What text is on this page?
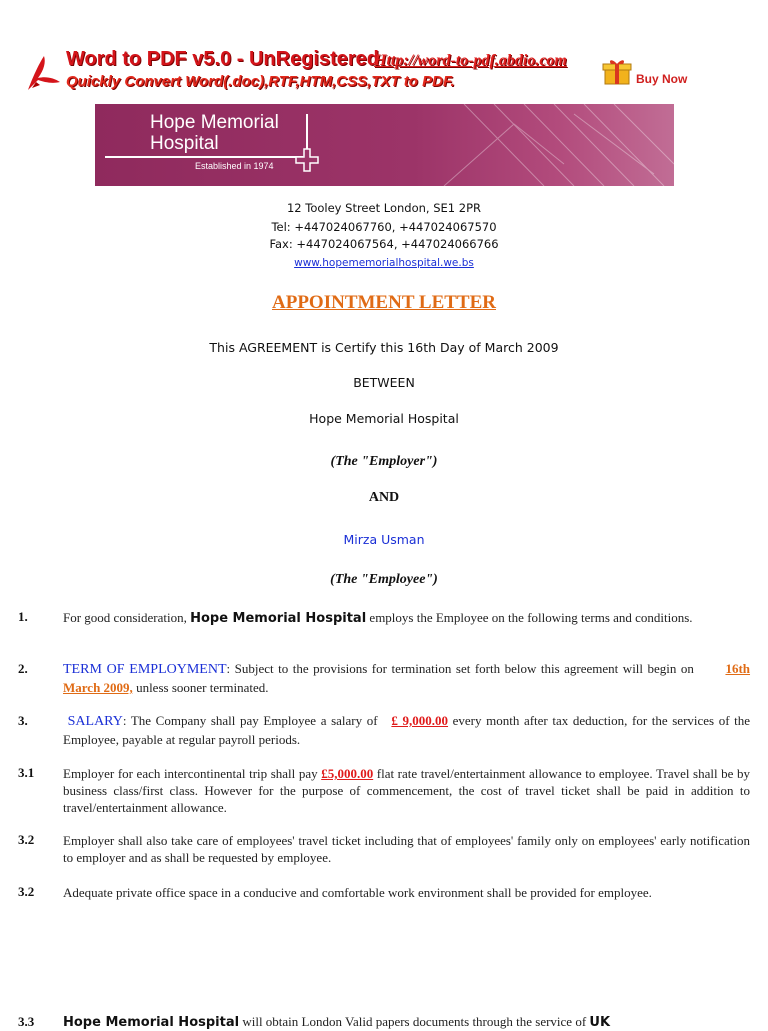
Word to PDF v5.0 - UnRegistered
Http://word-to-pdf.abdio.com
Quickly Convert Word(.doc),RTF,HTM,CSS,TXT to PDF.	Buy Now
Hope Memorial
Hospital
Established in 1974
12 Tooley Street London, SE1 2PR
Tel: +447024067760, +447024067570
Fax: +447024067564, +447024066766
www.hopememorialhospital.we.bs
APPOINTMENT LETTER
This AGREEMENT is Certify this 16th Day of March 2009
BETWEEN
Hope Memorial Hospital
(The "Employer")
AND
Mirza Usman
(The "Employee")
1.	For good consideration, Hope Memorial Hospital employs the Employee on the following terms and conditions.
2.	TERM OF EMPLOYMENT: Subject to the provisions for termination set forth below this agreement will begin on       16th March 2009, unless sooner terminated.
3.	SALARY: The Company shall pay Employee a salary of   £ 9,000.00 every month after tax deduction, for the services of the Employee, payable at regular payroll periods.
3.1 Employer for each intercontinental trip shall pay £5,000.00 flat rate travel/entertainment allowance to employee. Travel shall be by business class/first class. However for the purpose of commencement, the cost of travel ticket shall be paid in addition to travel/entertainment allowance.
3.2 Employer shall also take care of employees' travel ticket including that of employees' family only on employees' early notification to employer and as shall be requested by employee.
3.2 Adequate private office space in a conducive and comfortable work environment shall be provided for employee.
3.3 Hope Memorial Hospital will obtain London Valid papers documents through the service of UK
